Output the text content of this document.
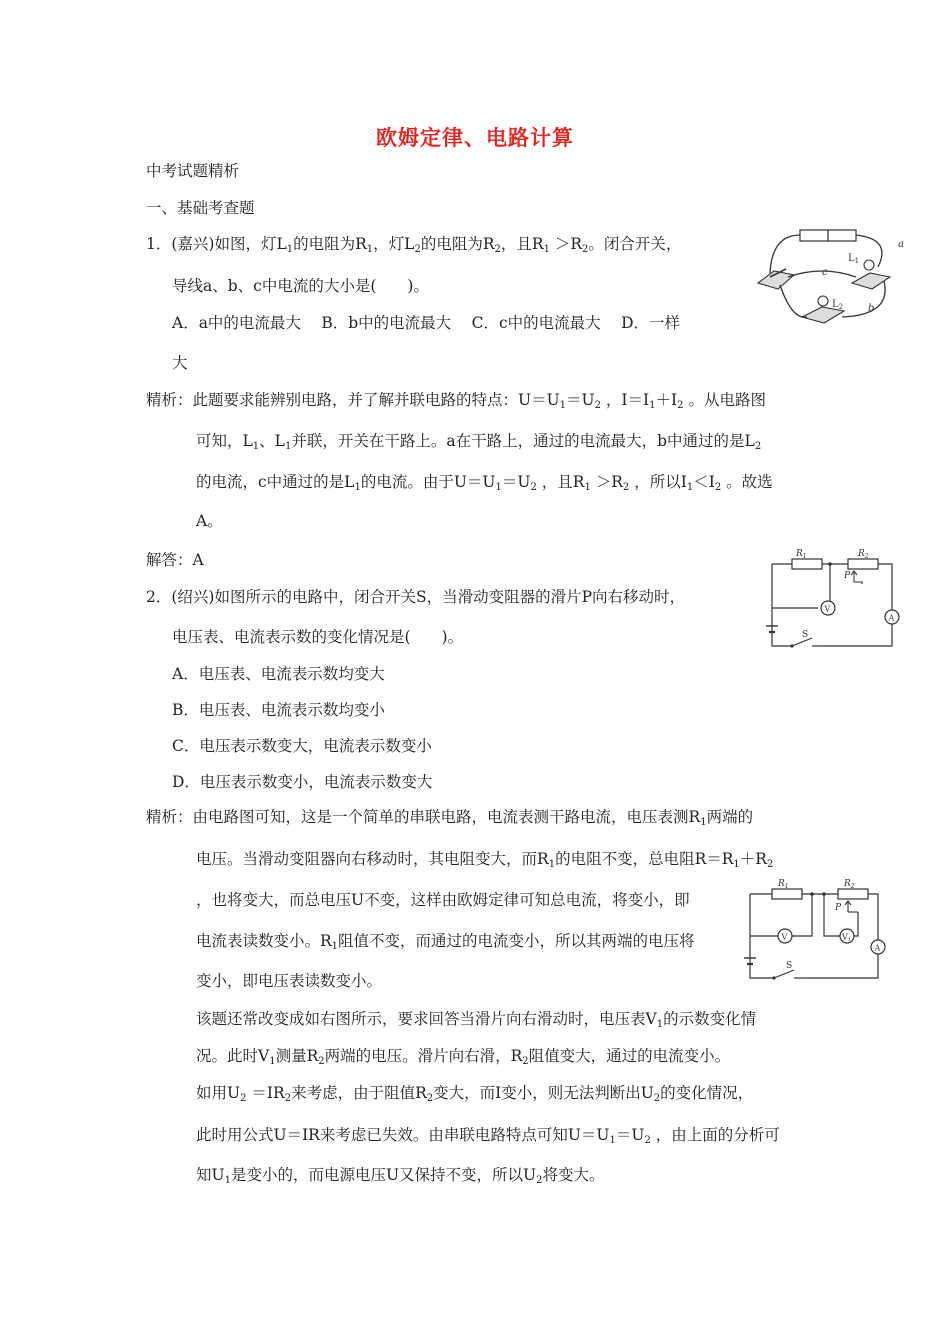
欧姆定律、电路计算
中考试题精析
一、基础考查题
1．(嘉兴)如图，灯$L_1$的电阻为$R_1$，灯$L_2$的电阻为$R_2$，且$R_1 >R_2$。闭合开关，
导线a、b、c中电流的大小是(　　)。
A．a中的电流最大　 B．b中的电流最大　 C．c中的电流最大　 D．一样
大
精析：此题要求能辨别电路，并了解并联电路的特点：$U=U_1=U_2$ ，$I=I_1+I_2$ 。从电路图
可知，$L_1$、$L_1$并联，开关在干路上。a在干路上，通过的电流最大，b中通过的是$L_2$
的电流，c中通过的是$L_1$的电流。由于$U=U_1=U_2$ ，且$R_1 >R_2$ ，所以$I_1<I_2$ 。故选
A。
解答：A
a
c
b
$L_1$
$L_2$
2．(绍兴)如图所示的电路中，闭合开关S，当滑动变阻器的滑片P向右移动时，
电压表、电流表示数的变化情况是(　　)。
A．电压表、电流表示数均变大
B．电压表、电流表示数均变小
C．电压表示数变大，电流表示数变小
D．电压表示数变小，电流表示数变大
V
A
S
$R_1$	$R_2$
P
精析：由电路图可知，这是一个简单的串联电路，电流表测干路电流，电压表测$R_1$两端的
电压。当滑动变阻器向右移动时，其电阻变大，而$R_1$的电阻不变，总电阻$R=R_1+R_2$
，也将变大，而总电压U不变，这样由欧姆定律可知总电流，将变小，即
电流表读数变小。$R_1$阻值不变，而通过的电流变小，所以其两端的电压将
变小，即电压表读数变小。
该题还常改变成如右图所示，要求回答当滑片向右滑动时，电压表$V_1$的示数变化情
况。此时$V_1$测量$R_2$两端的电压。滑片向右滑，$R_2$阻值变大，通过的电流变小。
如用$U_2 =IR_2$来考虑，由于阻值$R_2$变大，而I变小，则无法判断出$U_2$的变化情况，
此时用公式U＝IR来考虑已失效。由串联电路特点可知$U=U_1=U_2$ ，由上面的分析可
知$U_1$是变小的，而电源电压U又保持不变，所以$U_2$将变大。
V	V1
A
S
$R_1$	$R_2$
P
